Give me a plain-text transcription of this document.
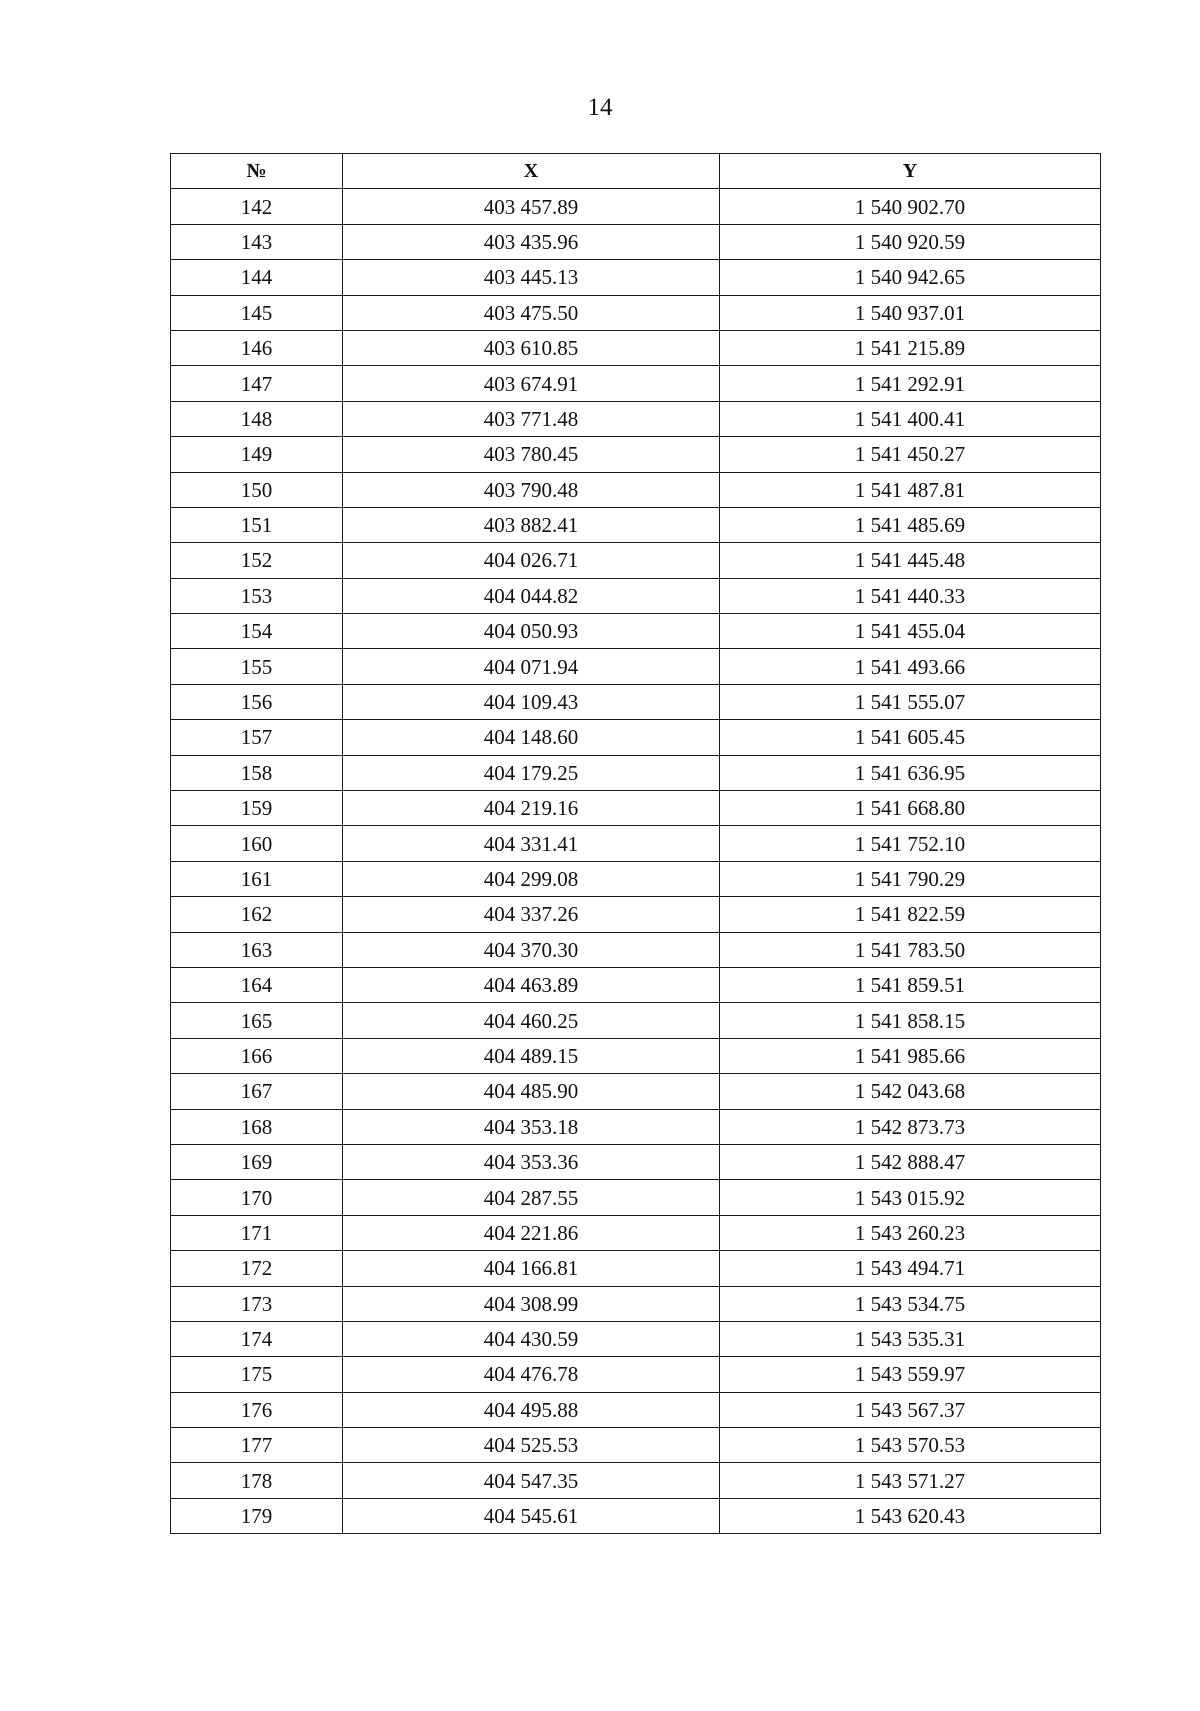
14
№	X	Y
142	403 457.89	1 540 902.70
143	403 435.96	1 540 920.59
144	403 445.13	1 540 942.65
145	403 475.50	1 540 937.01
146	403 610.85	1 541 215.89
147	403 674.91	1 541 292.91
148	403 771.48	1 541 400.41
149	403 780.45	1 541 450.27
150	403 790.48	1 541 487.81
151	403 882.41	1 541 485.69
152	404 026.71	1 541 445.48
153	404 044.82	1 541 440.33
154	404 050.93	1 541 455.04
155	404 071.94	1 541 493.66
156	404 109.43	1 541 555.07
157	404 148.60	1 541 605.45
158	404 179.25	1 541 636.95
159	404 219.16	1 541 668.80
160	404 331.41	1 541 752.10
161	404 299.08	1 541 790.29
162	404 337.26	1 541 822.59
163	404 370.30	1 541 783.50
164	404 463.89	1 541 859.51
165	404 460.25	1 541 858.15
166	404 489.15	1 541 985.66
167	404 485.90	1 542 043.68
168	404 353.18	1 542 873.73
169	404 353.36	1 542 888.47
170	404 287.55	1 543 015.92
171	404 221.86	1 543 260.23
172	404 166.81	1 543 494.71
173	404 308.99	1 543 534.75
174	404 430.59	1 543 535.31
175	404 476.78	1 543 559.97
176	404 495.88	1 543 567.37
177	404 525.53	1 543 570.53
178	404 547.35	1 543 571.27
179	404 545.61	1 543 620.43
